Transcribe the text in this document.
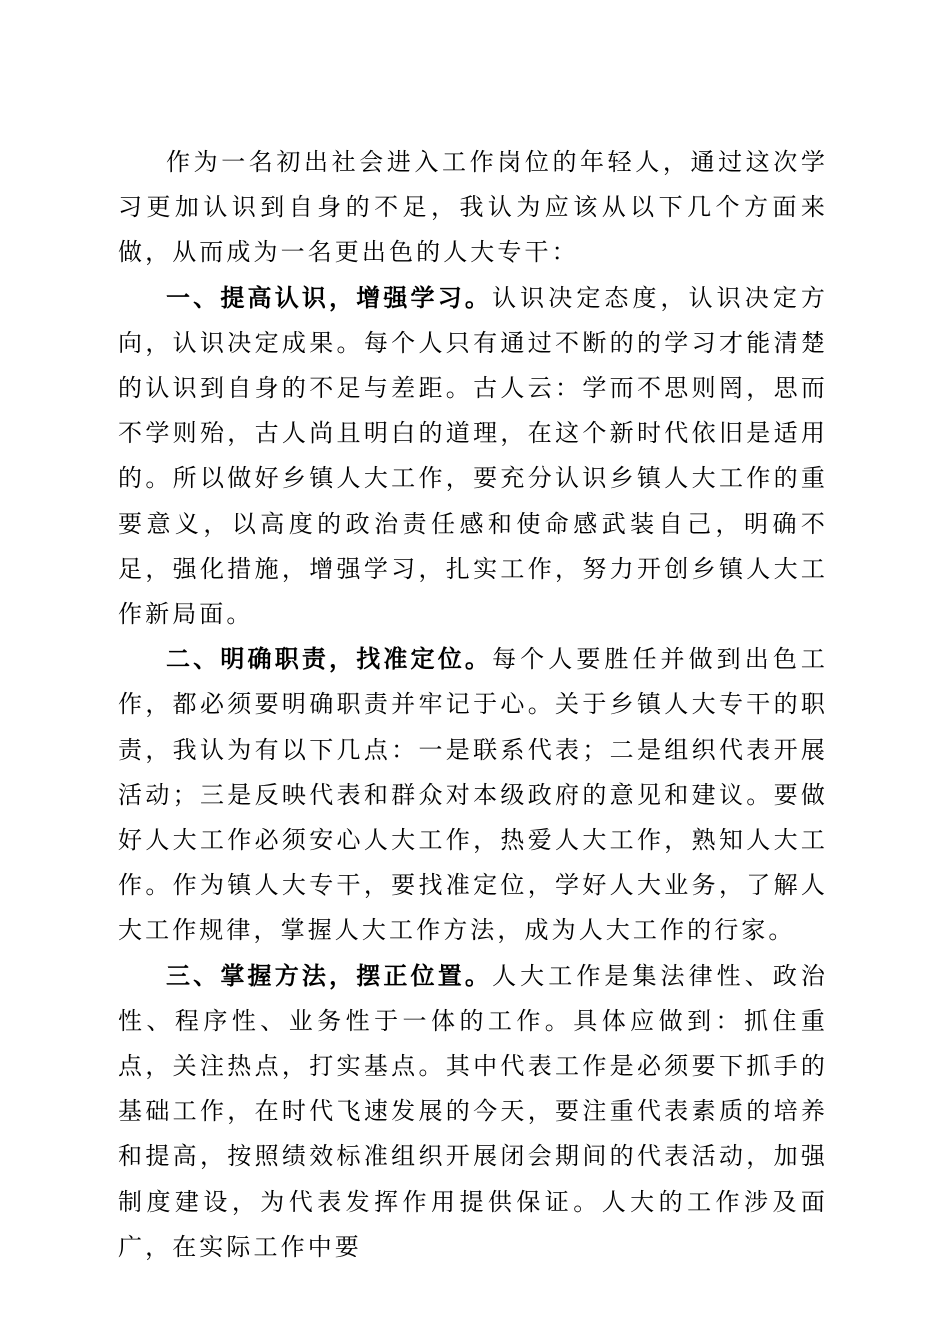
作为一名初出社会进入工作岗位的年轻人，通过这次学习更加认识到自身的不足，我认为应该从以下几个方面来做，从而成为一名更出色的人大专干：

一、提高认识，增强学习。认识决定态度，认识决定方向，认识决定成果。每个人只有通过不断的的学习才能清楚的认识到自身的不足与差距。古人云：学而不思则罔，思而不学则殆，古人尚且明白的道理，在这个新时代依旧是适用的。所以做好乡镇人大工作，要充分认识乡镇人大工作的重要意义，以高度的政治责任感和使命感武装自己，明确不足，强化措施，增强学习，扎实工作，努力开创乡镇人大工作新局面。

二、明确职责，找准定位。每个人要胜任并做到出色工作，都必须要明确职责并牢记于心。关于乡镇人大专干的职责，我认为有以下几点：一是联系代表；二是组织代表开展活动；三是反映代表和群众对本级政府的意见和建议。要做好人大工作必须安心人大工作，热爱人大工作，熟知人大工作。作为镇人大专干，要找准定位，学好人大业务，了解人大工作规律，掌握人大工作方法，成为人大工作的行家。

三、掌握方法，摆正位置。人大工作是集法律性、政治性、程序性、业务性于一体的工作。具体应做到：抓住重点，关注热点，打实基点。其中代表工作是必须要下抓手的基础工作，在时代飞速发展的今天，要注重代表素质的培养和提高，按照绩效标准组织开展闭会期间的代表活动，加强制度建设，为代表发挥作用提供保证。人大的工作涉及面广，在实际工作中要
